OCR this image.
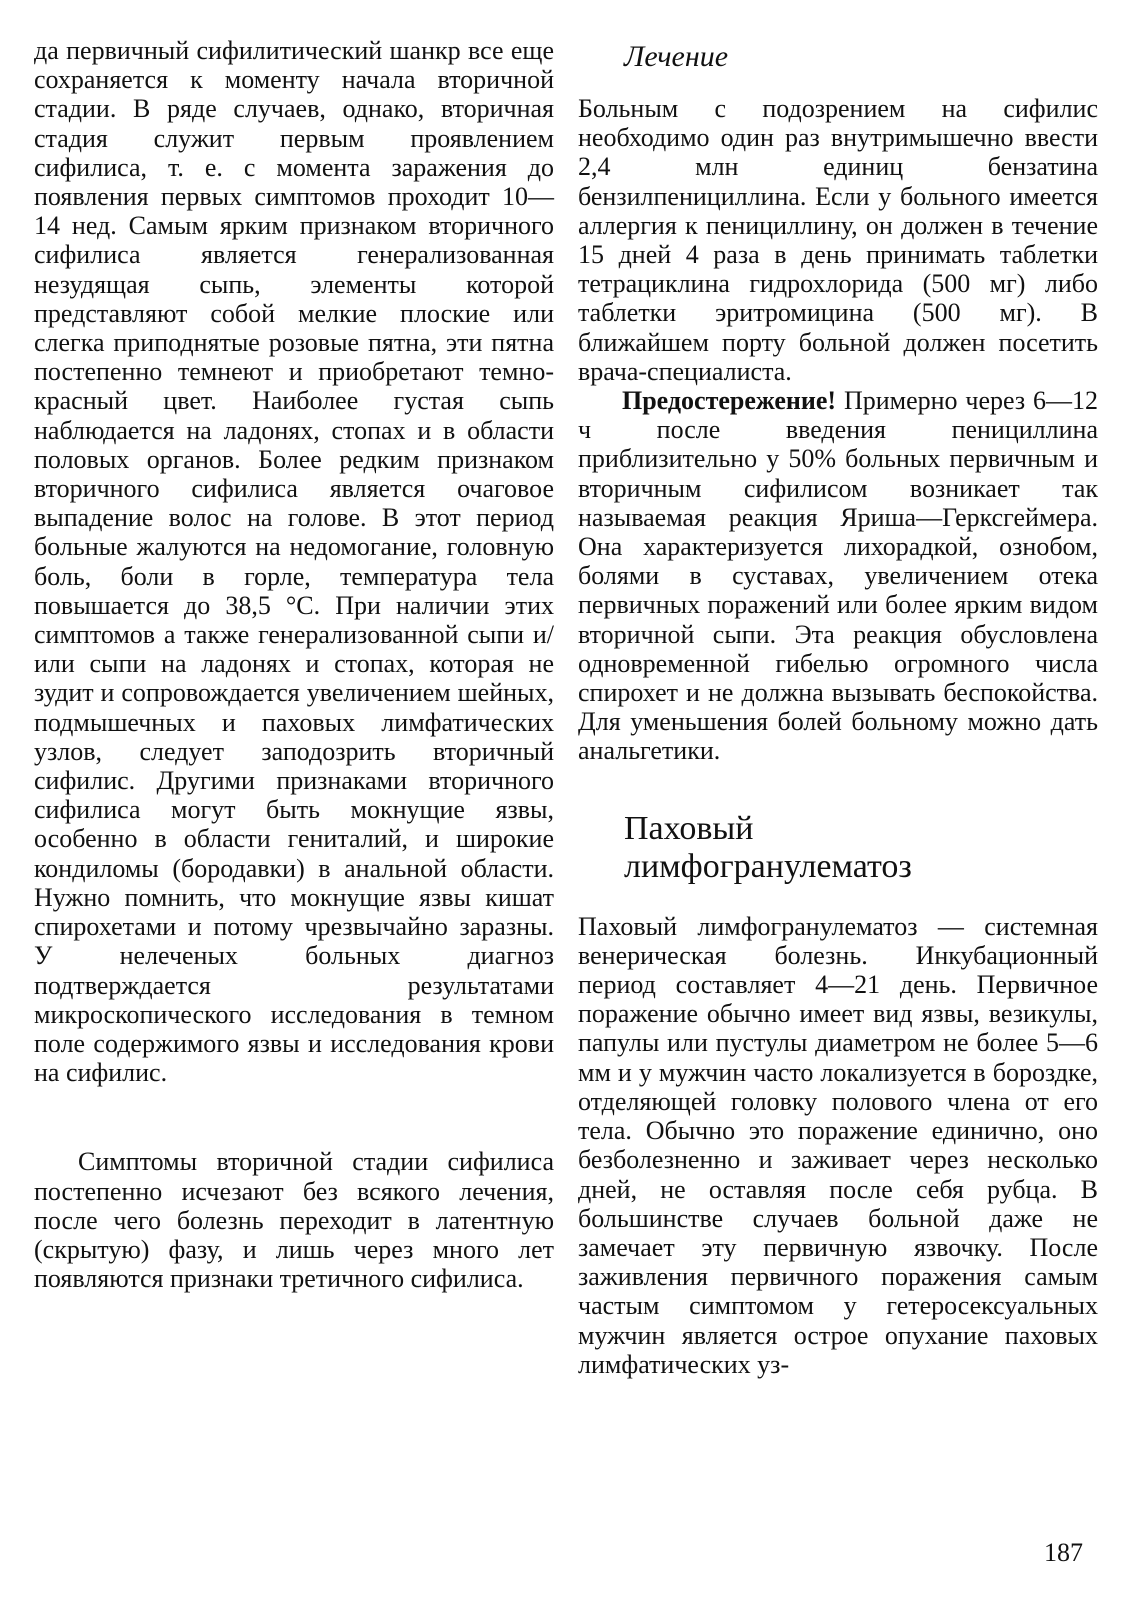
да первичный сифилитический шанкр все еще сохраняется к моменту начала вторичной стадии. В ряде случаев, однако, вторичная стадия служит первым проявлением сифилиса, т. е. с момента заражения до появления первых симптомов проходит 10—14 нед. Самым ярким признаком вторичного сифилиса является генерализованная незудящая сыпь, элементы которой представляют собой мелкие плоские или слегка приподнятые розовые пятна, эти пятна постепенно темнеют и приобретают темно-красный цвет. Наиболее густая сыпь наблюдается на ладонях, стопах и в области половых органов. Более редким признаком вторичного сифилиса является очаговое выпадение волос на голове. В этот период больные жалуются на недомогание, головную боль, боли в горле, температура тела повышается до 38,5 °С. При наличии этих симптомов а также генерализованной сыпи и/или сыпи на ладонях и стопах, которая не зудит и сопровождается увеличением шейных, подмышечных и паховых лимфатических узлов, следует заподозрить вторичный сифилис. Другими признаками вторичного сифилиса могут быть мокнущие язвы, особенно в области гениталий, и широкие кондиломы (бородавки) в анальной области. Нужно помнить, что мокнущие язвы кишат спирохетами и потому чрезвычайно заразны. У нелеченых больных диагноз подтверждается результатами микроскопического исследования в темном поле содержимого язвы и исследования крови на сифилис.

Симптомы вторичной стадии сифилиса постепенно исчезают без всякого лечения, после чего болезнь переходит в латентную (скрытую) фазу, и лишь через много лет появляются признаки третичного сифилиса.

Лечение

Больным с подозрением на сифилис необходимо один раз внутримышечно ввести 2,4 млн единиц бензатина бензилпенициллина. Если у больного имеется аллергия к пенициллину, он должен в течение 15 дней 4 раза в день принимать таблетки тетрациклина гидрохлорида (500 мг) либо таблетки эритромицина (500 мг). В ближайшем порту больной должен посетить врача-специалиста.

Предостережение! Примерно через 6—12 ч после введения пенициллина приблизительно у 50% больных первичным и вторичным сифилисом возникает так называемая реакция Яриша—Герксгеймера. Она характеризуется лихорадкой, ознобом, болями в суставах, увеличением отека первичных поражений или более ярким видом вторичной сыпи. Эта реакция обусловлена одновременной гибелью огромного числа спирохет и не должна вызывать беспокойства. Для уменьшения болей больному можно дать анальгетики.

Паховый
лимфогранулематоз

Паховый лимфогранулематоз — системная венерическая болезнь. Инкубационный период составляет 4—21 день. Первичное поражение обычно имеет вид язвы, везикулы, папулы или пустулы диаметром не более 5—6 мм и у мужчин часто локализуется в бороздке, отделяющей головку полового члена от его тела. Обычно это поражение единично, оно безболезненно и заживает через несколько дней, не оставляя после себя рубца. В большинстве случаев больной даже не замечает эту первичную язвочку. После заживления первичного поражения самым частым симптомом у гетеросексуальных мужчин является острое опухание паховых лимфатических уз-

187
